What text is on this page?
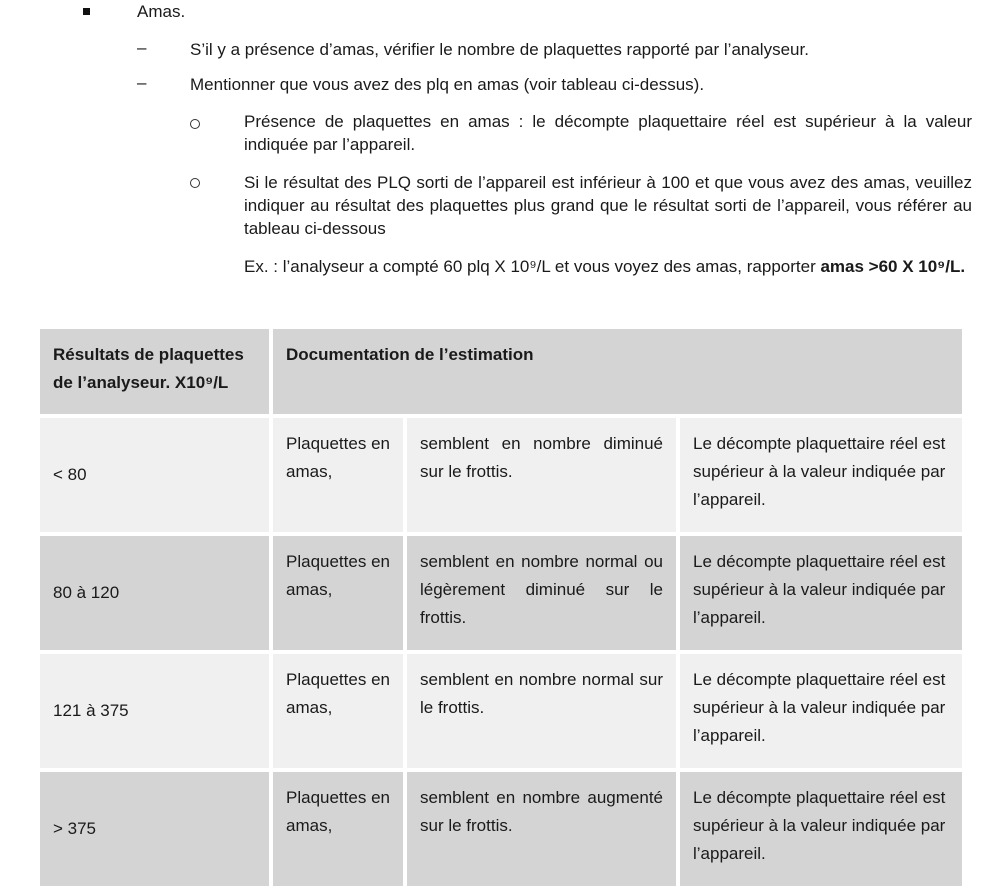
Amas.
–	S’il y a présence d’amas, vérifier le nombre de plaquettes rapporté par l’analyseur.
–	Mentionner que vous avez des plq en amas (voir tableau ci-dessus).
Présence de plaquettes en amas : le décompte plaquettaire réel est supérieur à la valeur indiquée par l’appareil.
Si le résultat des PLQ sorti de l’appareil est inférieur à 100 et que vous avez des amas, veuillez indiquer au résultat des plaquettes plus grand que le résultat sorti de l’appareil, vous référer au tableau ci-dessous
Ex. : l’analyseur a compté 60 plq X 10⁹/L et vous voyez des amas, rapporter amas >60 X 10⁹/L.
Résultats de plaquettes de l’analyseur. X10⁹/L
Documentation de l’estimation
< 80
Plaquettes en amas,
semblent en nombre diminué sur le frottis.
Le décompte plaquettaire réel est supérieur à la valeur indiquée par l’appareil.
80 à 120
Plaquettes en amas,
semblent en nombre normal ou légèrement diminué sur le frottis.
Le décompte plaquettaire réel est supérieur à la valeur indiquée par l’appareil.
121 à 375
Plaquettes en amas,
semblent en nombre normal sur le frottis.
Le décompte plaquettaire réel est supérieur à la valeur indiquée par l’appareil.
> 375
Plaquettes en amas,
semblent en nombre augmenté sur le frottis.
Le décompte plaquettaire réel est supérieur à la valeur indiquée par l’appareil.
